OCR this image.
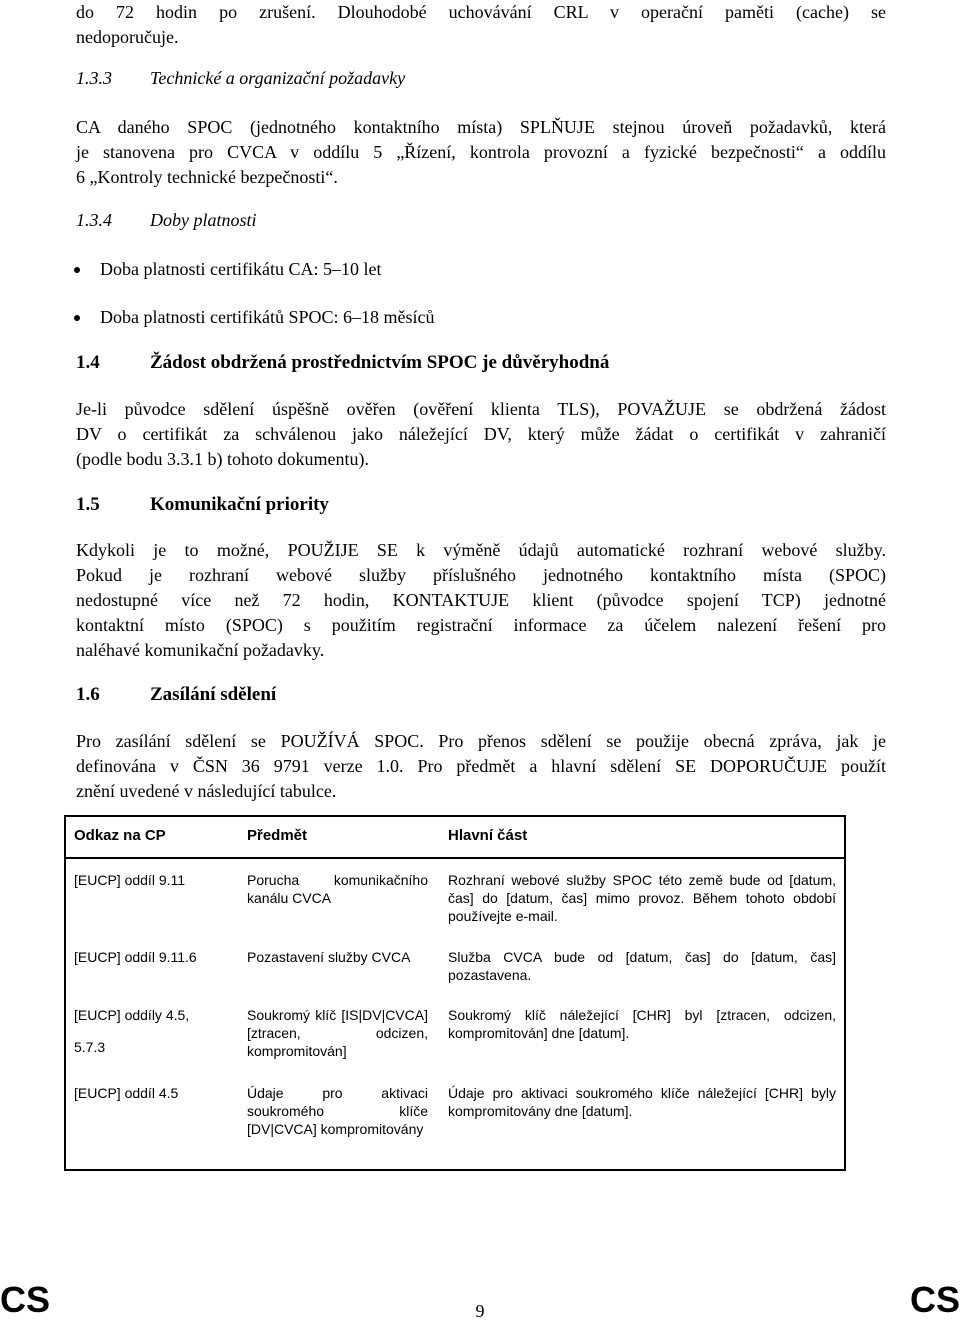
do 72 hodin po zrušení. Dlouhodobé uchovávání CRL v operační paměti (cache) se
nedoporučuje.
1.3.3 Technické a organizační požadavky
CA daného SPOC (jednotného kontaktního místa) SPLŇUJE stejnou úroveň požadavků, která
je stanovena pro CVCA v oddílu 5 „Řízení, kontrola provozní a fyzické bezpečnosti“ a oddílu
6 „Kontroly technické bezpečnosti“.
1.3.4 Doby platnosti
Doba platnosti certifikátu CA: 5–10 let
Doba platnosti certifikátů SPOC: 6–18 měsíců
1.4	Žádost obdržená prostřednictvím SPOC je důvěryhodná
Je-li původce sdělení úspěšně ověřen (ověření klienta TLS), POVAŽUJE se obdržená žádost
DV o certifikát za schválenou jako náležející DV, který může žádat o certifikát v zahraničí
(podle bodu 3.3.1 b) tohoto dokumentu).
1.5	Komunikační priority
Kdykoli je to možné, POUŽIJE SE k výměně údajů automatické rozhraní webové služby.
Pokud je rozhraní webové služby příslušného jednotného kontaktního místa (SPOC)
nedostupné více než 72 hodin, KONTAKTUJE klient (původce spojení TCP) jednotné
kontaktní místo (SPOC) s použitím registrační informace za účelem nalezení řešení pro
naléhavé komunikační požadavky.
1.6	Zasílání sdělení
Pro zasílání sdělení se POUŽÍVÁ SPOC. Pro přenos sdělení se použije obecná zpráva, jak je
definována v ČSN 36 9791 verze 1.0. Pro předmět a hlavní sdělení SE DOPORUČUJE použít
znění uvedené v následující tabulce.
Odkaz na CP	Předmět	Hlavní část
[EUCP] oddíl 9.11	Porucha komunikačního kanálu CVCA	Rozhraní webové služby SPOC této země bude od [datum, čas] do [datum, čas] mimo provoz. Během tohoto období používejte e-mail.
[EUCP] oddíl 9.11.6	Pozastavení služby CVCA	Služba CVCA bude od [datum, čas] do [datum, čas] pozastavena.

[EUCP] oddíly 4.5,
5.7.3	Soukromý klíč [IS|DV|CVCA] [ztracen, odcizen, kompromitován]	Soukromý klíč náležející [CHR] byl [ztracen, odcizen, kompromitován] dne [datum].
[EUCP] oddíl 4.5	Údaje pro aktivaci soukromého klíče [DV|CVCA] kompromitovány	Údaje pro aktivaci soukromého klíče náležející [CHR] byly kompromitovány dne [datum].
CS	9	CS
